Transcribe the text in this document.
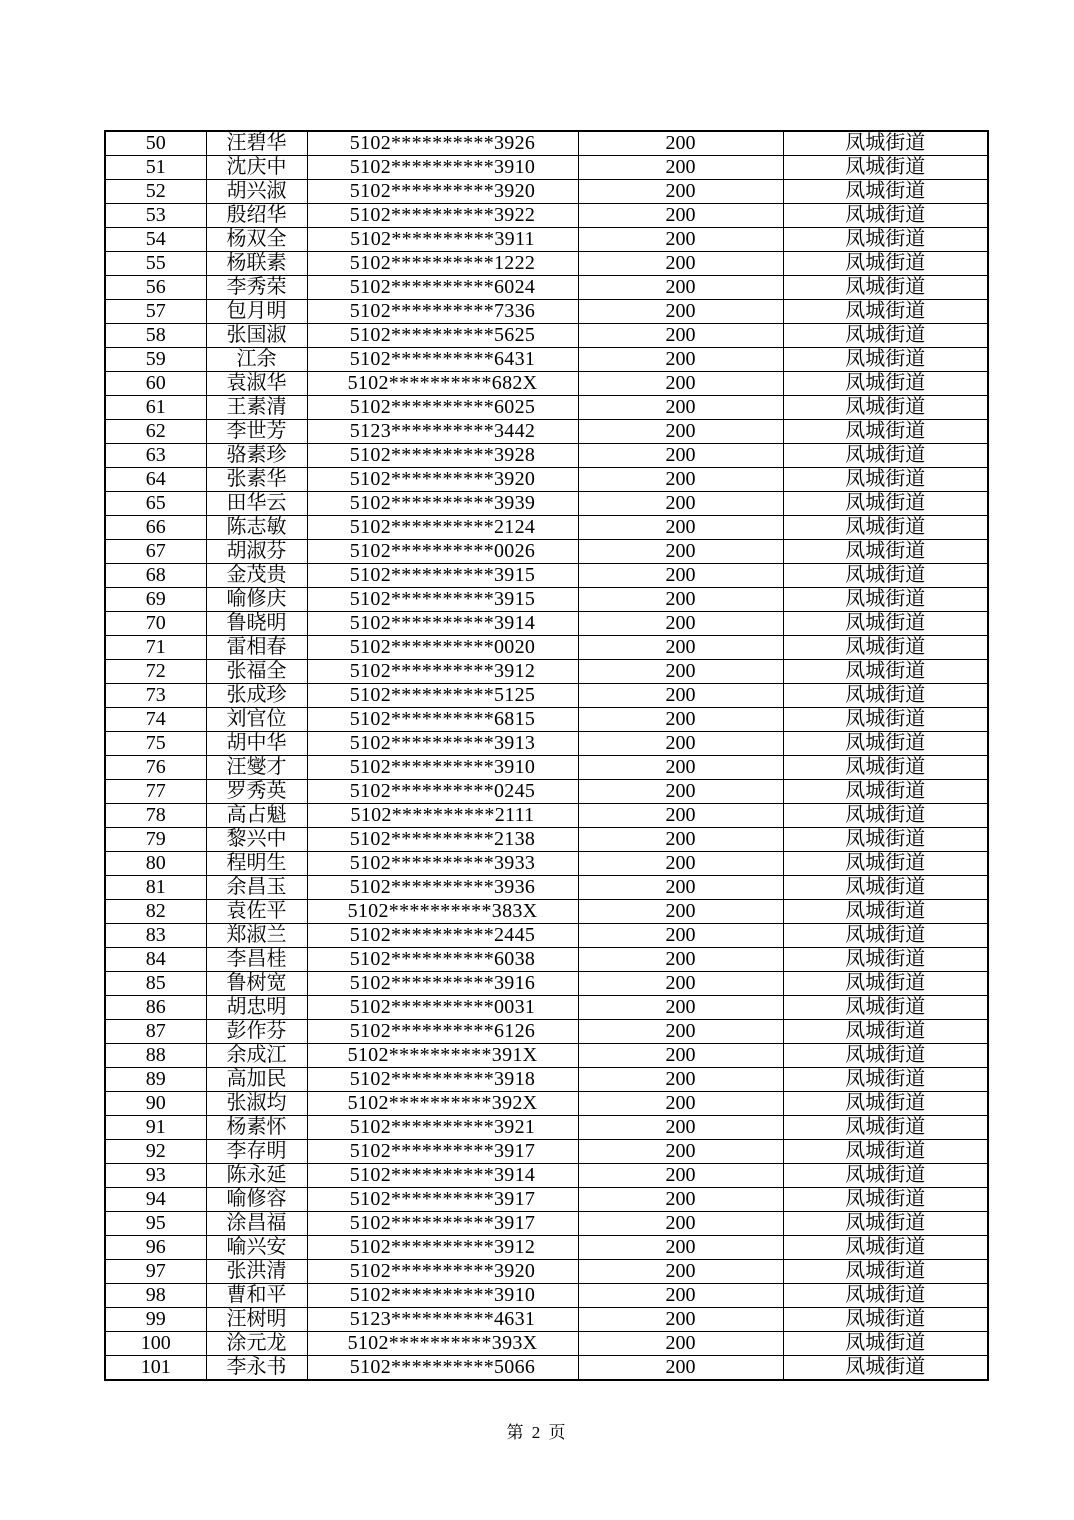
50	汪碧华	5102**********3926	200	凤城街道
51	沈庆中	5102**********3910	200	凤城街道
52	胡兴淑	5102**********3920	200	凤城街道
53	殷绍华	5102**********3922	200	凤城街道
54	杨双全	5102**********3911	200	凤城街道
55	杨联素	5102**********1222	200	凤城街道
56	李秀荣	5102**********6024	200	凤城街道
57	包月明	5102**********7336	200	凤城街道
58	张国淑	5102**********5625	200	凤城街道
59	江余	5102**********6431	200	凤城街道
60	袁淑华	5102**********682X	200	凤城街道
61	王素清	5102**********6025	200	凤城街道
62	李世芳	5123**********3442	200	凤城街道
63	骆素珍	5102**********3928	200	凤城街道
64	张素华	5102**********3920	200	凤城街道
65	田华云	5102**********3939	200	凤城街道
66	陈志敏	5102**********2124	200	凤城街道
67	胡淑芬	5102**********0026	200	凤城街道
68	金茂贵	5102**********3915	200	凤城街道
69	喻修庆	5102**********3915	200	凤城街道
70	鲁晓明	5102**********3914	200	凤城街道
71	雷相春	5102**********0020	200	凤城街道
72	张福全	5102**********3912	200	凤城街道
73	张成珍	5102**********5125	200	凤城街道
74	刘官位	5102**********6815	200	凤城街道
75	胡中华	5102**********3913	200	凤城街道
76	汪燮才	5102**********3910	200	凤城街道
77	罗秀英	5102**********0245	200	凤城街道
78	高占魁	5102**********2111	200	凤城街道
79	黎兴中	5102**********2138	200	凤城街道
80	程明生	5102**********3933	200	凤城街道
81	余昌玉	5102**********3936	200	凤城街道
82	袁佐平	5102**********383X	200	凤城街道
83	郑淑兰	5102**********2445	200	凤城街道
84	李昌桂	5102**********6038	200	凤城街道
85	鲁树宽	5102**********3916	200	凤城街道
86	胡忠明	5102**********0031	200	凤城街道
87	彭作芬	5102**********6126	200	凤城街道
88	余成江	5102**********391X	200	凤城街道
89	高加民	5102**********3918	200	凤城街道
90	张淑均	5102**********392X	200	凤城街道
91	杨素怀	5102**********3921	200	凤城街道
92	李存明	5102**********3917	200	凤城街道
93	陈永延	5102**********3914	200	凤城街道
94	喻修容	5102**********3917	200	凤城街道
95	涂昌福	5102**********3917	200	凤城街道
96	喻兴安	5102**********3912	200	凤城街道
97	张洪清	5102**********3920	200	凤城街道
98	曹和平	5102**********3910	200	凤城街道
99	汪树明	5123**********4631	200	凤城街道
100	涂元龙	5102**********393X	200	凤城街道
101	李永书	5102**********5066	200	凤城街道
第 2 页
